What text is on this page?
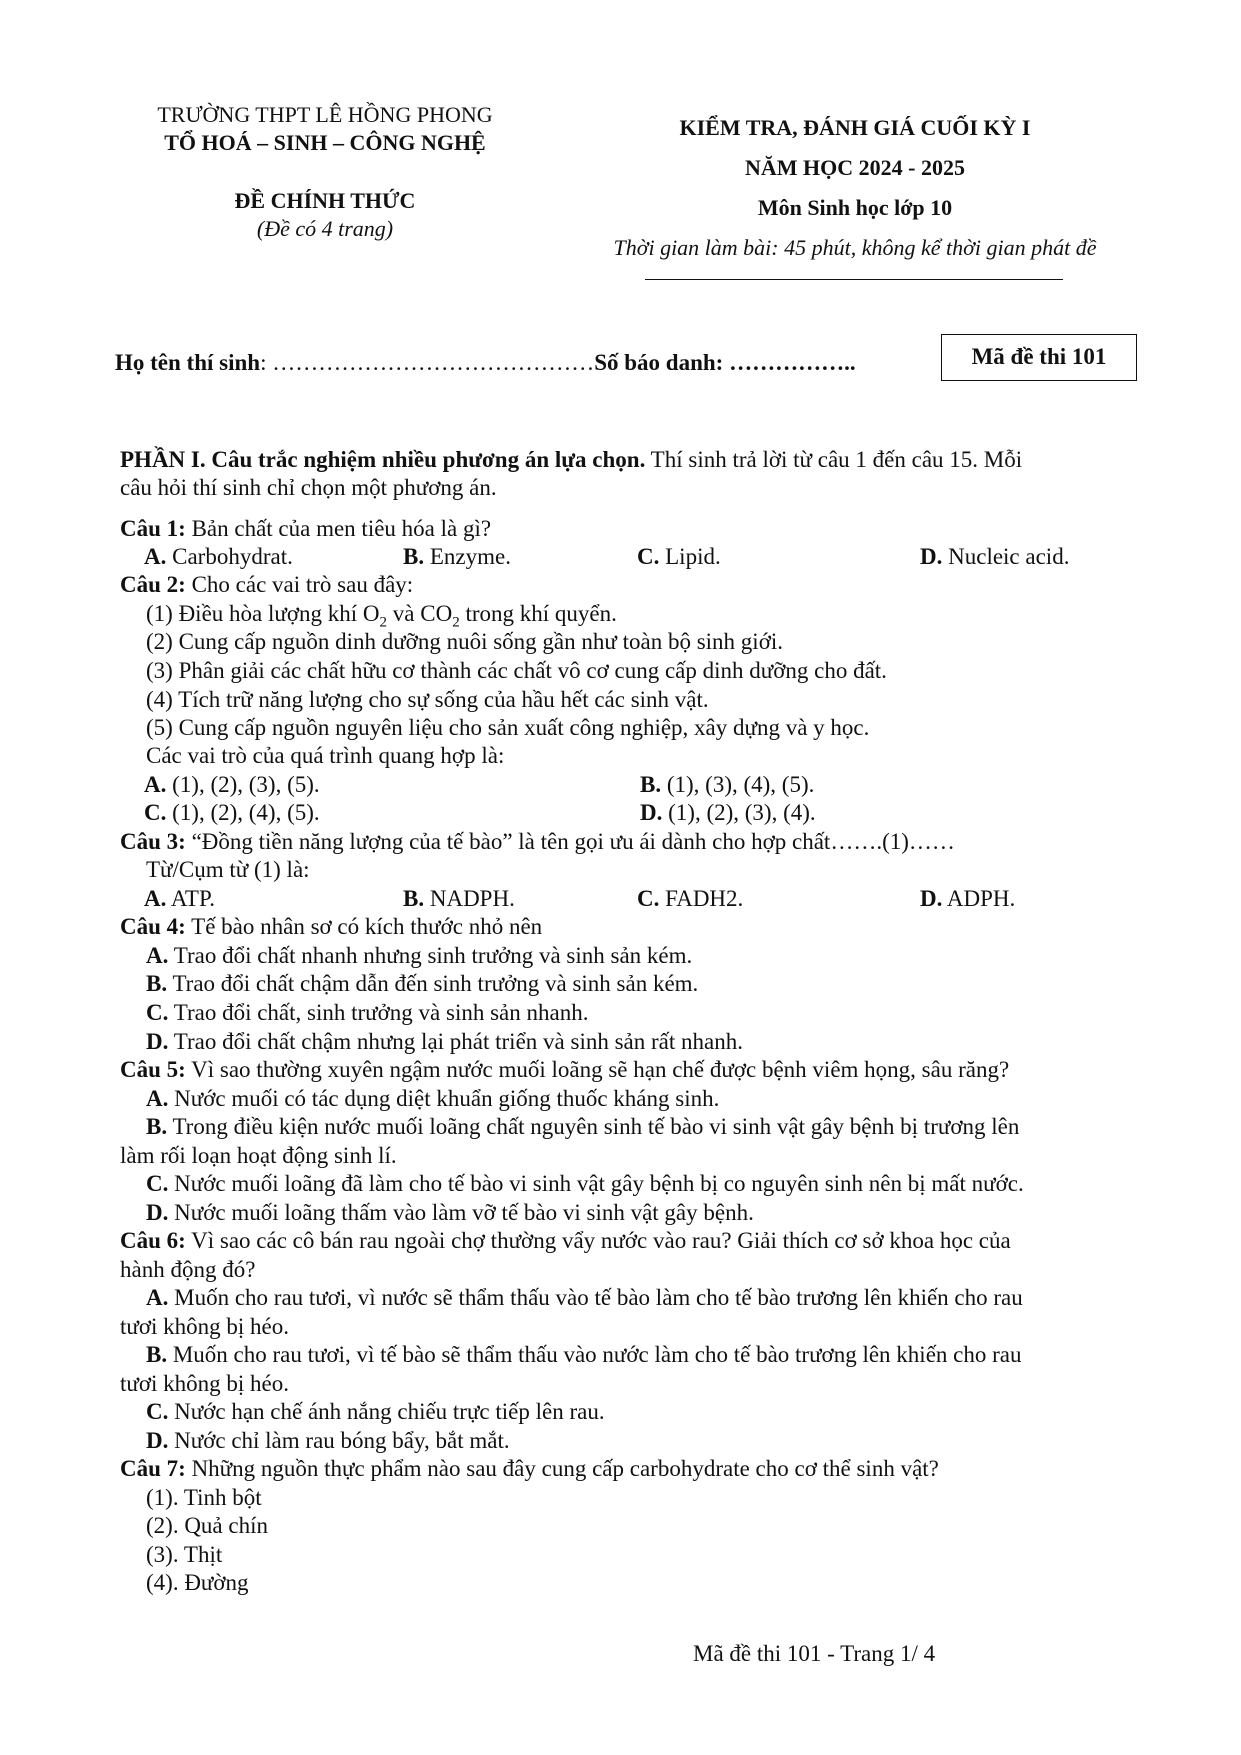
TRƯỜNG THPT LÊ HỒNG PHONG
TỔ HOÁ – SINH – CÔNG NGHỆ
ĐỀ CHÍNH THỨC
(Đề có 4 trang)
KIỂM TRA, ĐÁNH GIÁ CUỐI KỲ I
NĂM HỌC 2024 - 2025
Môn Sinh học lớp 10
Thời gian làm bài: 45 phút, không kể thời gian phát đề
Họ tên thí sinh: ……………………………………Số báo danh: ……………..	Mã đề thi 101
PHẦN I. Câu trắc nghiệm nhiều phương án lựa chọn. Thí sinh trả lời từ câu 1 đến câu 15. Mỗi
câu hỏi thí sinh chỉ chọn một phương án.
Câu 1: Bản chất của men tiêu hóa là gì?
A. Carbohydrat.	B. Enzyme.	C. Lipid.	D. Nucleic acid.
Câu 2: Cho các vai trò sau đây:
(1) Điều hòa lượng khí $O_2$ và $CO_2$ trong khí quyển.
(2) Cung cấp nguồn dinh dưỡng nuôi sống gần như toàn bộ sinh giới.
(3) Phân giải các chất hữu cơ thành các chất vô cơ cung cấp dinh dưỡng cho đất.
(4) Tích trữ năng lượng cho sự sống của hầu hết các sinh vật.
(5) Cung cấp nguồn nguyên liệu cho sản xuất công nghiệp, xây dựng và y học.
Các vai trò của quá trình quang hợp là:
A. (1), (2), (3), (5).	B. (1), (3), (4), (5).
C. (1), (2), (4), (5).	D. (1), (2), (3), (4).
Câu 3: “Đồng tiền năng lượng của tế bào” là tên gọi ưu ái dành cho hợp chất…….(1)……
Từ/Cụm từ (1) là:
A. ATP.	B. NADPH.	C. FADH2.	D. ADPH.
Câu 4: Tế bào nhân sơ có kích thước nhỏ nên
A. Trao đổi chất nhanh nhưng sinh trưởng và sinh sản kém.
B. Trao đổi chất chậm dẫn đến sinh trưởng và sinh sản kém.
C. Trao đổi chất, sinh trưởng và sinh sản nhanh.
D. Trao đổi chất chậm nhưng lại phát triển và sinh sản rất nhanh.
Câu 5: Vì sao thường xuyên ngậm nước muối loãng sẽ hạn chế được bệnh viêm họng, sâu răng?
A. Nước muối có tác dụng diệt khuẩn giống thuốc kháng sinh.
B. Trong điều kiện nước muối loãng chất nguyên sinh tế bào vi sinh vật gây bệnh bị trương lên
làm rối loạn hoạt động sinh lí.
C. Nước muối loãng đã làm cho tế bào vi sinh vật gây bệnh bị co nguyên sinh nên bị mất nước.
D. Nước muối loãng thấm vào làm vỡ tế bào vi sinh vật gây bệnh.
Câu 6: Vì sao các cô bán rau ngoài chợ thường vẩy nước vào rau? Giải thích cơ sở khoa học của
hành động đó?
A. Muốn cho rau tươi, vì nước sẽ thẩm thấu vào tế bào làm cho tế bào trương lên khiến cho rau
tươi không bị héo.
B. Muốn cho rau tươi, vì tế bào sẽ thẩm thấu vào nước làm cho tế bào trương lên khiến cho rau
tươi không bị héo.
C. Nước hạn chế ánh nắng chiếu trực tiếp lên rau.
D. Nước chỉ làm rau bóng bẩy, bắt mắt.
Câu 7: Những nguồn thực phẩm nào sau đây cung cấp carbohydrate cho cơ thể sinh vật?
(1). Tinh bột
(2). Quả chín
(3). Thịt
(4). Đường
Mã đề thi 101 - Trang 1/ 4
